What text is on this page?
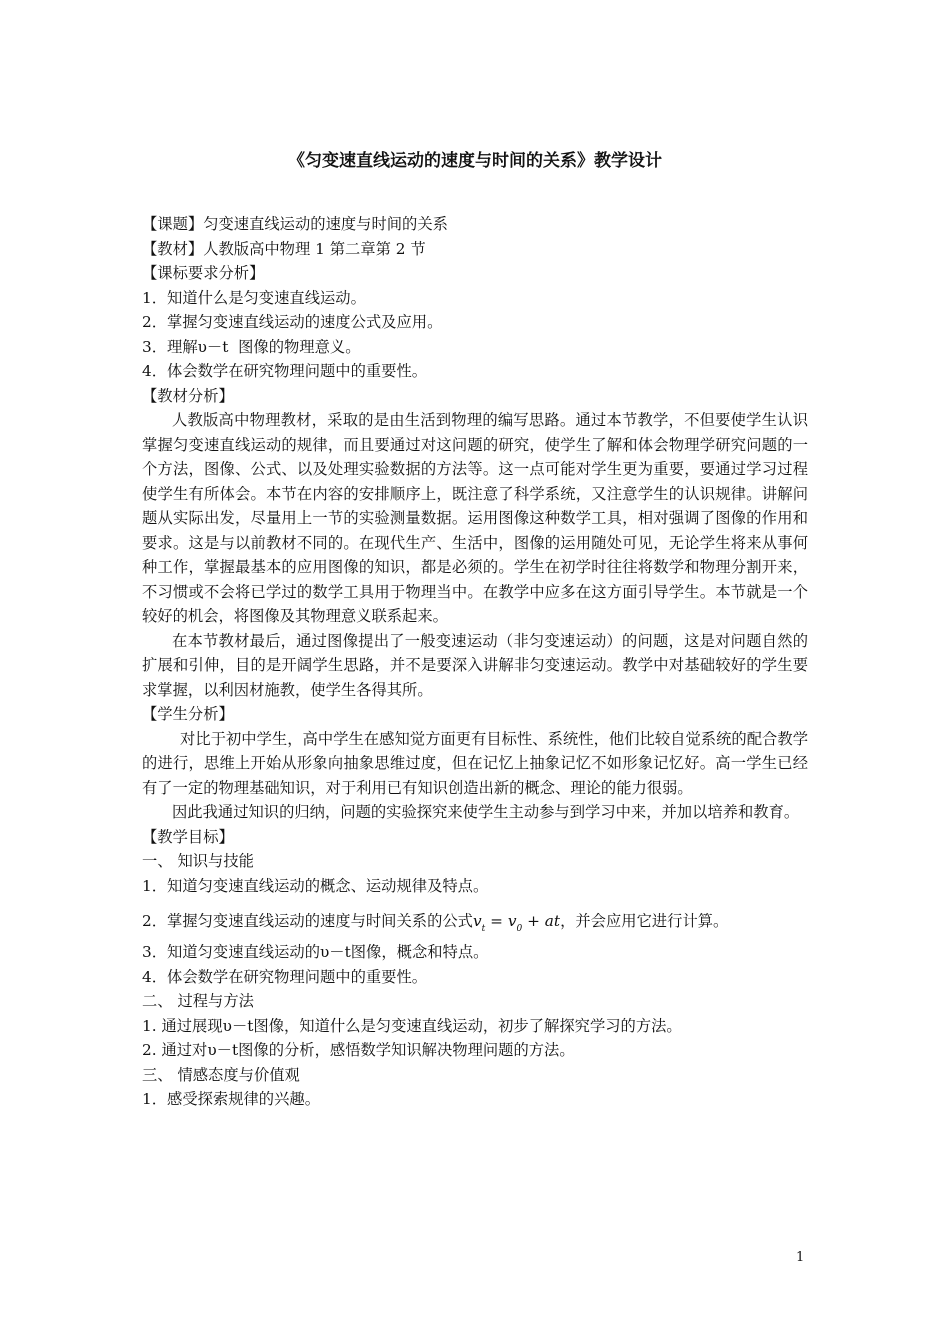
《匀变速直线运动的速度与时间的关系》教学设计
【课题】匀变速直线运动的速度与时间的关系
【教材】人教版高中物理 1 第二章第 2 节
【课标要求分析】
1．知道什么是匀变速直线运动。
2．掌握匀变速直线运动的速度公式及应用。
3．理解υ－t 图像的物理意义。
4．体会数学在研究物理问题中的重要性。
【教材分析】
人教版高中物理教材，采取的是由生活到物理的编写思路。通过本节教学，不但要使学生认识掌握匀变速直线运动的规律，而且要通过对这问题的研究，使学生了解和体会物理学研究问题的一个方法，图像、公式、以及处理实验数据的方法等。这一点可能对学生更为重要，要通过学习过程使学生有所体会。本节在内容的安排顺序上，既注意了科学系统，又注意学生的认识规律。讲解问题从实际出发，尽量用上一节的实验测量数据。运用图像这种数学工具，相对强调了图像的作用和要求。这是与以前教材不同的。在现代生产、生活中，图像的运用随处可见，无论学生将来从事何种工作，掌握最基本的应用图像的知识，都是必须的。学生在初学时往往将数学和物理分割开来，不习惯或不会将已学过的数学工具用于物理当中。在教学中应多在这方面引导学生。本节就是一个较好的机会，将图像及其物理意义联系起来。
在本节教材最后，通过图像提出了一般变速运动（非匀变速运动）的问题，这是对问题自然的扩展和引伸，目的是开阔学生思路，并不是要深入讲解非匀变速运动。教学中对基础较好的学生要求掌握，以利因材施教，使学生各得其所。
【学生分析】
对比于初中学生，高中学生在感知觉方面更有目标性、系统性，他们比较自觉系统的配合教学的进行，思维上开始从形象向抽象思维过度，但在记忆上抽象记忆不如形象记忆好。高一学生已经有了一定的物理基础知识，对于利用已有知识创造出新的概念、理论的能力很弱。
因此我通过知识的归纳，问题的实验探究来使学生主动参与到学习中来，并加以培养和教育。
【教学目标】
一、 知识与技能
1．知道匀变速直线运动的概念、运动规律及特点。
2．掌握匀变速直线运动的速度与时间关系的公式$v_t = v_0$ + at，并会应用它进行计算。
3．知道匀变速直线运动的υ－t图像，概念和特点。
4．体会数学在研究物理问题中的重要性。
二、 过程与方法
1. 通过展现υ－t图像，知道什么是匀变速直线运动，初步了解探究学习的方法。
2. 通过对υ－t图像的分析，感悟数学知识解决物理问题的方法。
三、 情感态度与价值观
1．感受探索规律的兴趣。
1
